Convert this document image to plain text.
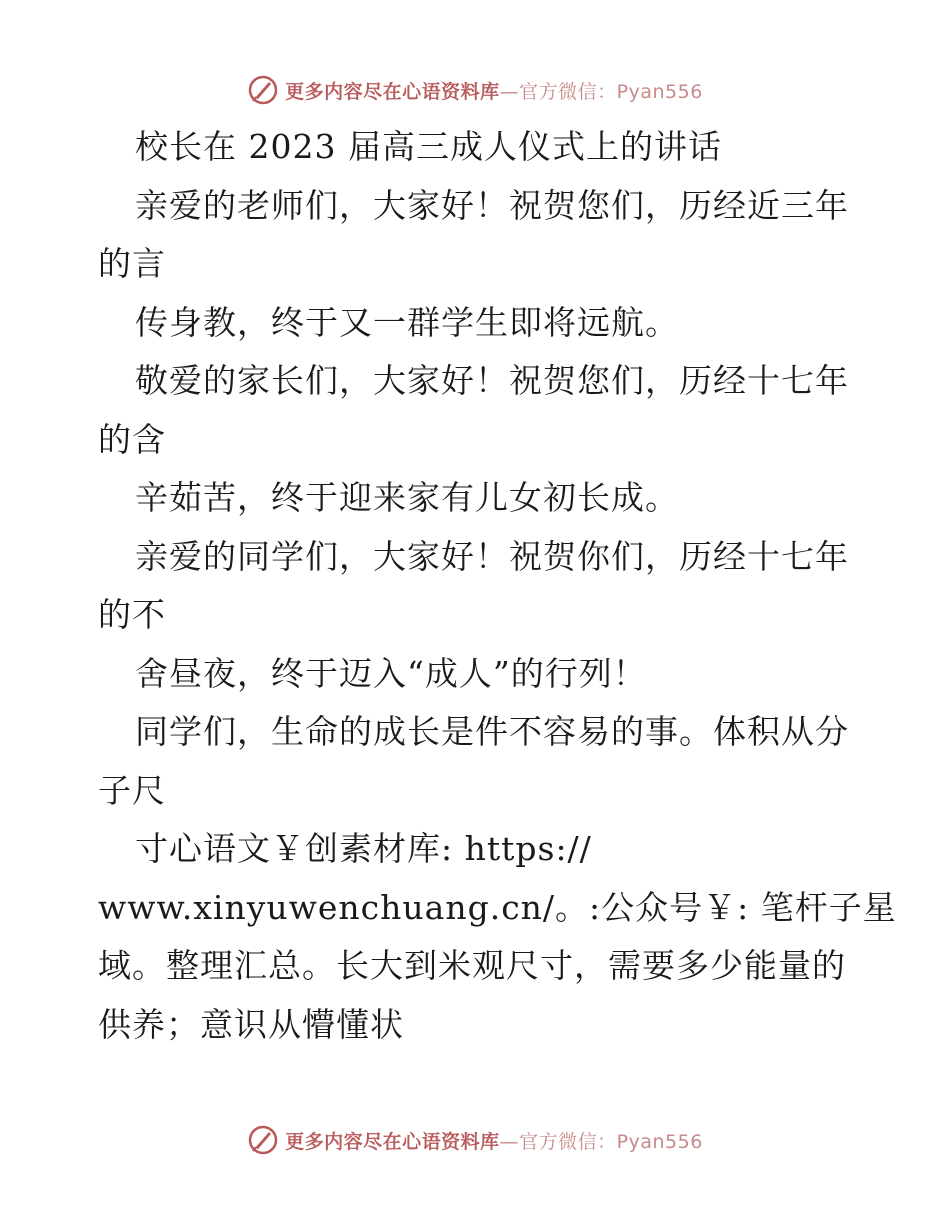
更多内容尽在心语资料库—官方微信：Pyan556
校长在 2023 届高三成人仪式上的讲话
亲爱的老师们，大家好！祝贺您们，历经近三年
的言
传身教，终于又一群学生即将远航。
敬爱的家长们，大家好！祝贺您们，历经十七年
的含
辛茹苦，终于迎来家有儿女初长成。
亲爱的同学们，大家好！祝贺你们，历经十七年
的不
舍昼夜，终于迈入“成人”的行列！
同学们，生命的成长是件不容易的事。体积从分
子尺
寸心语文￥创素材库: https://
www.xinyuwenchuang.cn/。:公众号￥: 笔杆子星
域。整理汇总。长大到米观尺寸，需要多少能量的
供养；意识从懵懂状
更多内容尽在心语资料库—官方微信：Pyan556
